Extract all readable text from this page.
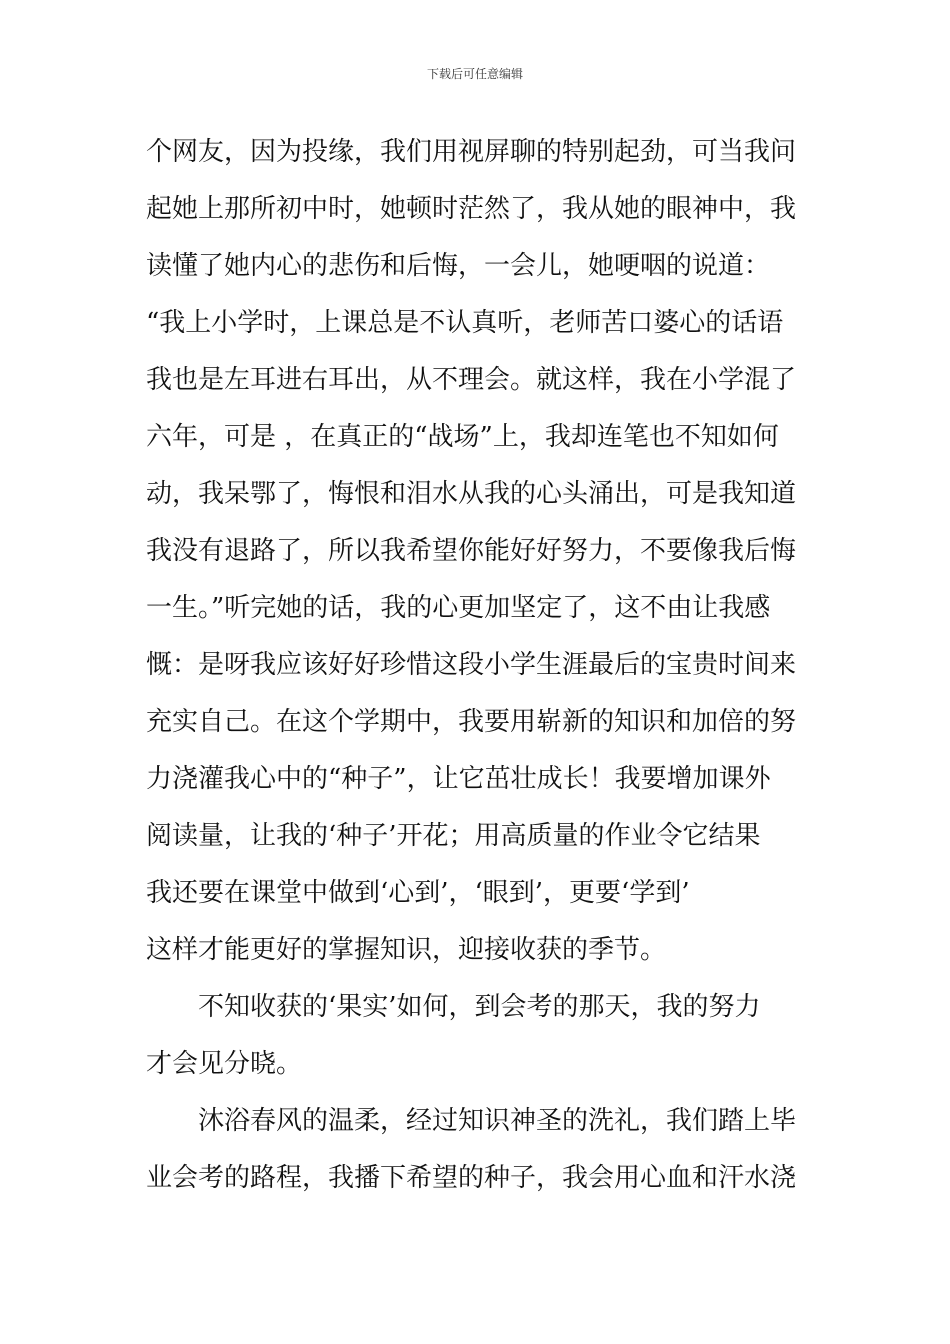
下载后可任意编辑
个网友，因为投缘，我们用视屏聊的特别起劲，可当我问
起她上那所初中时，她顿时茫然了，我从她的眼神中，我
读懂了她内心的悲伤和后悔，一会儿，她哽咽的说道：
“我上小学时，上课总是不认真听，老师苦口婆心的话语
我也是左耳进右耳出，从不理会。就这样，我在小学混了
六年，可是 ，在真正的“战场”上，我却连笔也不知如何
动，我呆鄂了，悔恨和泪水从我的心头涌出，可是我知道
我没有退路了，所以我希望你能好好努力，不要像我后悔
一生。”听完她的话，我的心更加坚定了，这不由让我感
慨：是呀我应该好好珍惜这段小学生涯最后的宝贵时间来
充实自己。在这个学期中，我要用崭新的知识和加倍的努
力浇灌我心中的“种子”，让它茁壮成长！我要增加课外
阅读量，让我的‘种子’开花；用高质量的作业令它结果
我还要在课堂中做到‘心到’，‘眼到’，更要‘学到’
这样才能更好的掌握知识，迎接收获的季节。
不知收获的‘果实’如何，到会考的那天，我的努力
才会见分晓。
沐浴春风的温柔，经过知识神圣的洗礼，我们踏上毕
业会考的路程，我播下希望的种子，我会用心血和汗水浇
